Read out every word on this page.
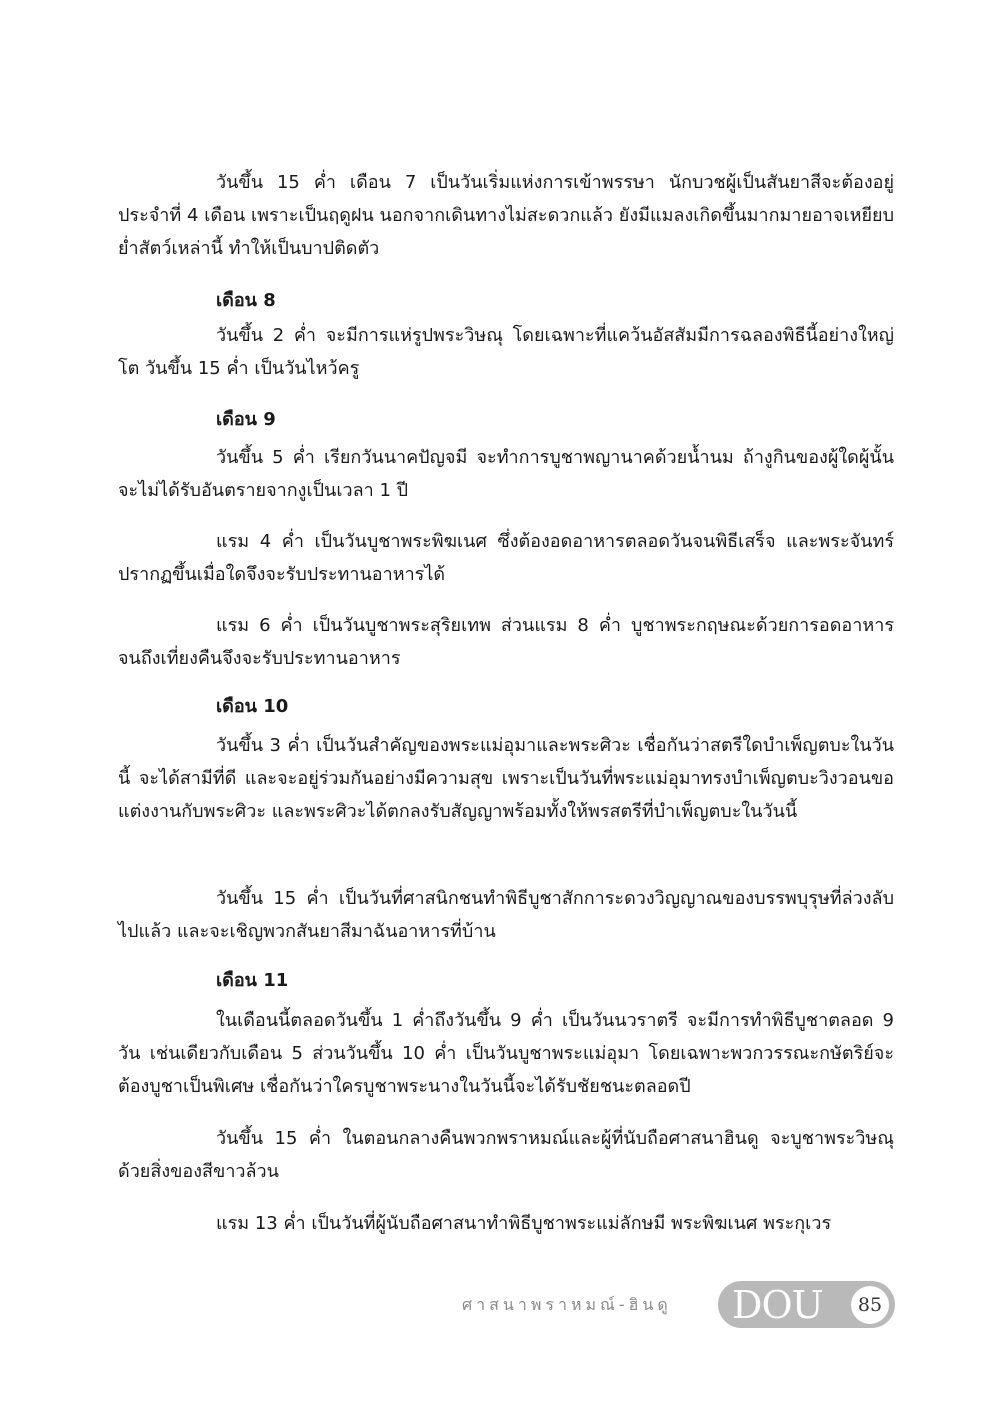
วันขึ้น 15 ค่ำ เดือน 7 เป็นวันเริ่มแห่งการเข้าพรรษา นักบวชผู้เป็นสันยาสีจะต้องอยู่ประจำที่ 4 เดือน เพราะเป็นฤดูฝน นอกจากเดินทางไม่สะดวกแล้ว ยังมีแมลงเกิดขึ้นมากมายอาจเหยียบย่ำสัตว์เหล่านี้ ทำให้เป็นบาปติดตัว

เดือน 8

วันขึ้น 2 ค่ำ จะมีการแห่รูปพระวิษณุ โดยเฉพาะที่แคว้นอัสสัมมีการฉลองพิธีนี้อย่างใหญ่โต วันขึ้น 15 ค่ำ เป็นวันไหว้ครู

เดือน 9

วันขึ้น 5 ค่ำ เรียกวันนาคปัญจมี จะทำการบูชาพญานาคด้วยน้ำนม ถ้างูกินของผู้ใดผู้นั้นจะไม่ได้รับอันตรายจากงูเป็นเวลา 1 ปี

แรม 4 ค่ำ เป็นวันบูชาพระพิฆเนศ ซึ่งต้องอดอาหารตลอดวันจนพิธีเสร็จ และพระจันทร์ปรากฏขึ้นเมื่อใดจึงจะรับประทานอาหารได้

แรม 6 ค่ำ เป็นวันบูชาพระสุริยเทพ ส่วนแรม 8 ค่ำ บูชาพระกฤษณะด้วยการอดอาหารจนถึงเที่ยงคืนจึงจะรับประทานอาหาร

เดือน 10

วันขึ้น 3 ค่ำ เป็นวันสำคัญของพระแม่อุมาและพระศิวะ เชื่อกันว่าสตรีใดบำเพ็ญตบะในวันนี้ จะได้สามีที่ดี และจะอยู่ร่วมกันอย่างมีความสุข เพราะเป็นวันที่พระแม่อุมาทรงบำเพ็ญตบะวิงวอนขอแต่งงานกับพระศิวะ และพระศิวะได้ตกลงรับสัญญาพร้อมทั้งให้พรสตรีที่บำเพ็ญตบะในวันนี้

วันขึ้น 15 ค่ำ เป็นวันที่ศาสนิกชนทำพิธีบูชาสักการะดวงวิญญาณของบรรพบุรุษที่ล่วงลับไปแล้ว และจะเชิญพวกสันยาสีมาฉันอาหารที่บ้าน

เดือน 11

ในเดือนนี้ตลอดวันขึ้น 1 ค่ำถึงวันขึ้น 9 ค่ำ เป็นวันนวราตรี จะมีการทำพิธีบูชาตลอด 9 วัน เช่นเดียวกับเดือน 5 ส่วนวันขึ้น 10 ค่ำ เป็นวันบูชาพระแม่อุมา โดยเฉพาะพวกวรรณะกษัตริย์จะต้องบูชาเป็นพิเศษ เชื่อกันว่าใครบูชาพระนางในวันนี้จะได้รับชัยชนะตลอดปี

วันขึ้น 15 ค่ำ ในตอนกลางคืนพวกพราหมณ์และผู้ที่นับถือศาสนาฮินดู จะบูชาพระวิษณุด้วยสิ่งของสีขาวล้วน

แรม 13 ค่ำ เป็นวันที่ผู้นับถือศาสนาทำพิธีบูชาพระแม่ลักษมี พระพิฆเนศ พระกุเวร

ศาสนาพราหมณ์-ฮินดู DOU	85
